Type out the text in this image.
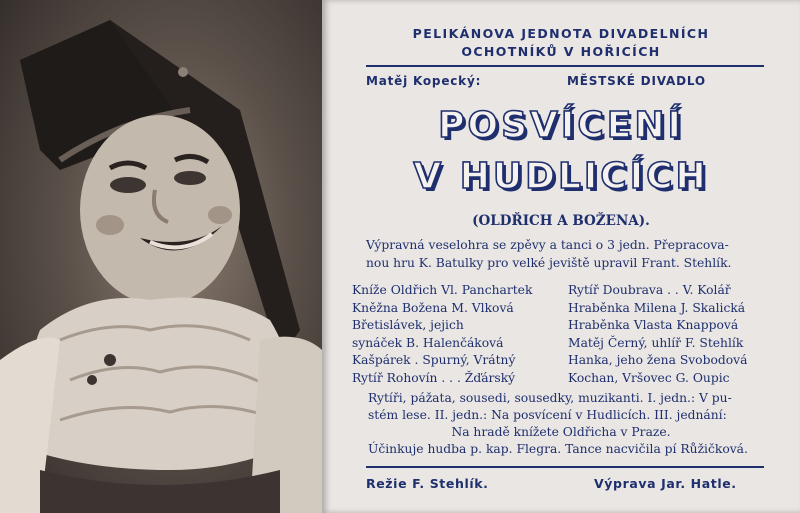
PELIKÁNOVA JEDNOTA DIVADELNÍCH
OCHOTNÍKŮ V HOŘICÍCH
Matěj Kopecký:	MĚSTSKÉ DIVADLO
POSVÍCENÍ
V HUDLICÍCH
(OLDŘICH A BOŽENA).
Výpravná veselohra se zpěvy a tanci o 3 jedn. Přepracova-
nou hru K. Batulky pro velké jeviště upravil Frant. Stehlík.
Kníže Oldřich Vl. Panchartek
Kněžna Božena M. Vlková
Břetislávek, jejich
synáček B. Halenčáková
Kašpárek . Spurný, Vrátný
Rytíř Rohovín . . . Žďárský
Rytíř Doubrava . . V. Kolář
Hraběnka Milena J. Skalická
Hraběnka Vlasta Knappová
Matěj Černý, uhlíř F. Stehlík
Hanka, jeho žena Svobodová
Kochan, Vršovec G. Oupic
Rytíři, pážata, sousedi, sousedky, muzikanti. I. jedn.: V pu-
stém lese. II. jedn.: Na posvícení v Hudlicích. III. jednání:
Na hradě knížete Oldřicha v Praze.
Účinkuje hudba p. kap. Flegra. Tance nacvičila pí Růžičková.
Režie F. Stehlík.	Výprava Jar. Hatle.
